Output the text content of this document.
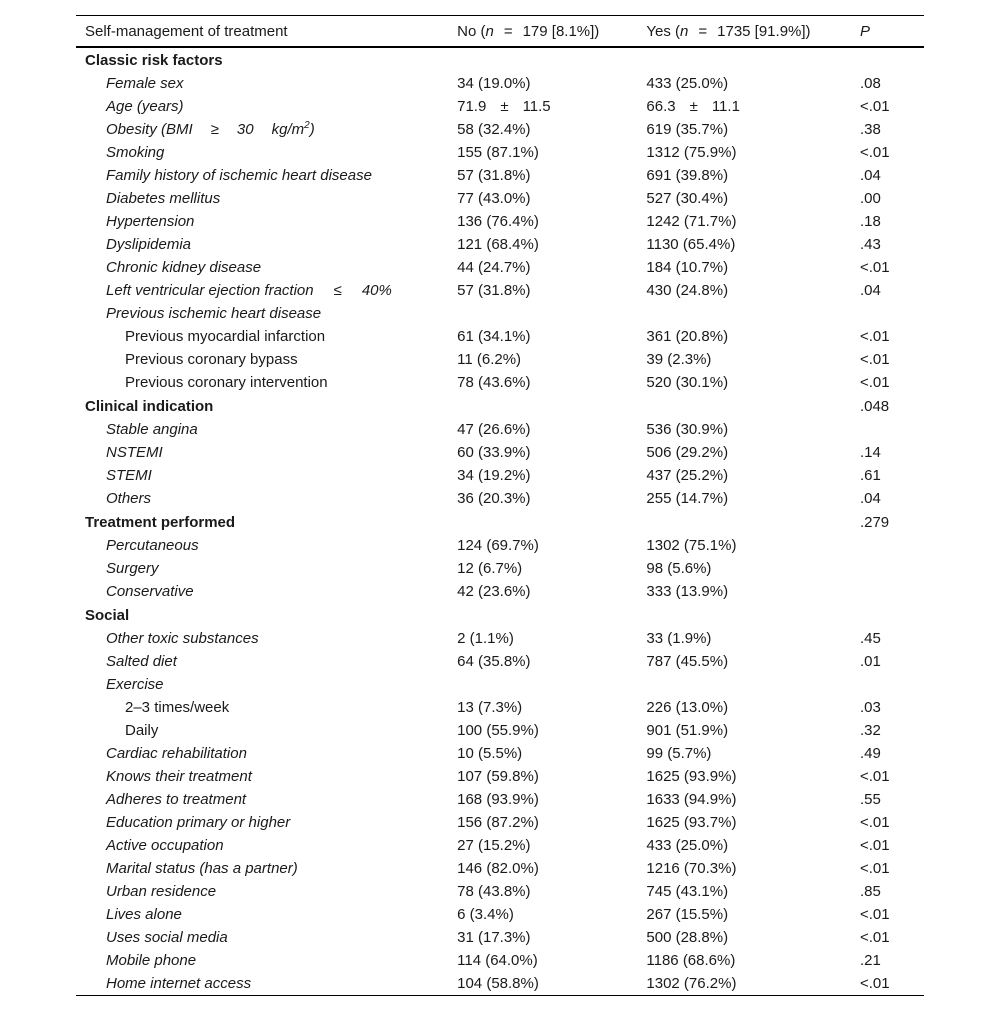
Self-management of treatment	No (n = 179 [8.1%])	Yes (n = 1735 [91.9%])	P
Classic risk factors			
Female sex	34 (19.0%)	433 (25.0%)	.08
Age (years)	71.9 ± 11.5	66.3 ± 11.1	<.01
Obesity (BMI ≥ 30 $kg/m^2$)	58 (32.4%)	619 (35.7%)	.38
Smoking	155 (87.1%)	1312 (75.9%)	<.01
Family history of ischemic heart disease	57 (31.8%)	691 (39.8%)	.04
Diabetes mellitus	77 (43.0%)	527 (30.4%)	.00
Hypertension	136 (76.4%)	1242 (71.7%)	.18
Dyslipidemia	121 (68.4%)	1130 (65.4%)	.43
Chronic kidney disease	44 (24.7%)	184 (10.7%)	<.01
Left ventricular ejection fraction ≤ 40%	57 (31.8%)	430 (24.8%)	.04
Previous ischemic heart disease			
Previous myocardial infarction	61 (34.1%)	361 (20.8%)	<.01
Previous coronary bypass	11 (6.2%)	39 (2.3%)	<.01
Previous coronary intervention	78 (43.6%)	520 (30.1%)	<.01
Clinical indication			.048
Stable angina	47 (26.6%)	536 (30.9%)	
NSTEMI	60 (33.9%)	506 (29.2%)	.14
STEMI	34 (19.2%)	437 (25.2%)	.61
Others	36 (20.3%)	255 (14.7%)	.04
Treatment performed			.279
Percutaneous	124 (69.7%)	1302 (75.1%)	
Surgery	12 (6.7%)	98 (5.6%)	
Conservative	42 (23.6%)	333 (13.9%)	
Social			
Other toxic substances	2 (1.1%)	33 (1.9%)	.45
Salted diet	64 (35.8%)	787 (45.5%)	.01
Exercise			
2–3 times/week	13 (7.3%)	226 (13.0%)	.03
Daily	100 (55.9%)	901 (51.9%)	.32
Cardiac rehabilitation	10 (5.5%)	99 (5.7%)	.49
Knows their treatment	107 (59.8%)	1625 (93.9%)	<.01
Adheres to treatment	168 (93.9%)	1633 (94.9%)	.55
Education primary or higher	156 (87.2%)	1625 (93.7%)	<.01
Active occupation	27 (15.2%)	433 (25.0%)	<.01
Marital status (has a partner)	146 (82.0%)	1216 (70.3%)	<.01
Urban residence	78 (43.8%)	745 (43.1%)	.85
Lives alone	6 (3.4%)	267 (15.5%)	<.01
Uses social media	31 (17.3%)	500 (28.8%)	<.01
Mobile phone	114 (64.0%)	1186 (68.6%)	.21
Home internet access	104 (58.8%)	1302 (76.2%)	<.01
